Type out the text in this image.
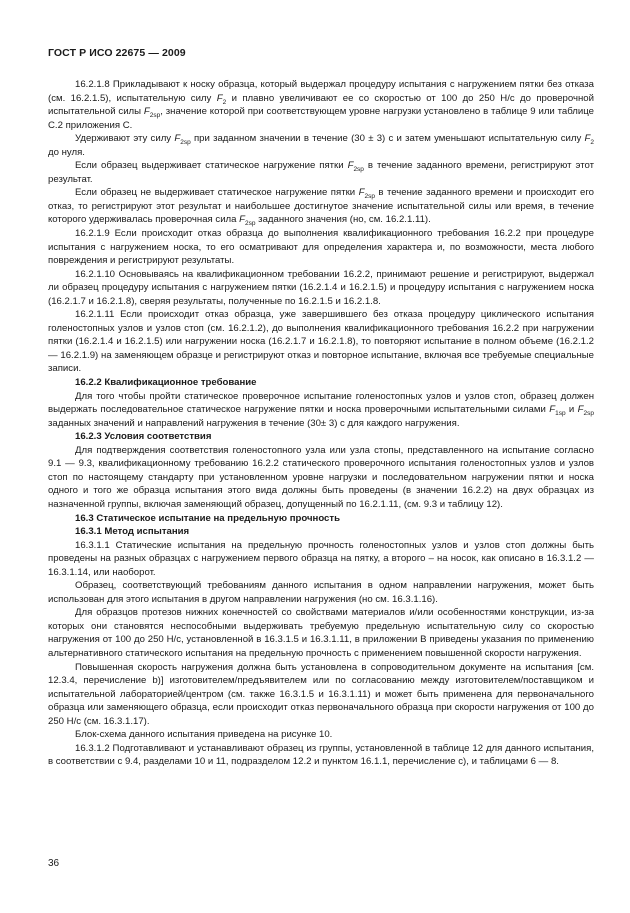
ГОСТ Р ИСО 22675 — 2009

16.2.1.8 Прикладывают к носку образца, который выдержал процедуру испытания с нагружением пятки без отказа (см. 16.2.1.5), испытательную силу $F_2$ и плавно увеличивают ее со скоростью от 100 до 250 Н/с до проверочной испытательной силы $F_{2sp}$, значение которой при соответствующем уровне нагрузки установлено в таблице 9 или таблице С.2 приложения С.

Удерживают эту силу $F_{2sp}$ при заданном значении в течение (30 ± 3) с и затем уменьшают испытательную силу $F_2$ до нуля.

Если образец выдерживает статическое нагружение пятки $F_{2sp}$ в течение заданного времени, регистрируют этот результат.

Если образец не выдерживает статическое нагружение пятки $F_{2sp}$ в течение заданного времени и происходит его отказ, то регистрируют этот результат и наибольшее достигнутое значение испытательной силы или время, в течение которого удерживалась проверочная сила $F_{2sp}$ заданного значения (но, см. 16.2.1.11).

16.2.1.9 Если происходит отказ образца до выполнения квалификационного требования 16.2.2 при процедуре испытания с нагружением носка, то его осматривают для определения характера и, по возможности, места любого повреждения и регистрируют результаты.

16.2.1.10 Основываясь на квалификационном требовании 16.2.2, принимают решение и регистрируют, выдержал ли образец процедуру испытания с нагружением пятки (16.2.1.4 и 16.2.1.5) и процедуру испытания с нагружением носка (16.2.1.7 и 16.2.1.8), сверяя результаты, полученные по 16.2.1.5 и 16.2.1.8.

16.2.1.11 Если происходит отказ образца, уже завершившего без отказа процедуру циклического испытания голеностопных узлов и узлов стоп (см. 16.2.1.2), до выполнения квалификационного требования 16.2.2 при нагружении пятки (16.2.1.4 и 16.2.1.5) или нагружении носка (16.2.1.7 и 16.2.1.8), то повторяют испытание в полном объеме (16.2.1.2 — 16.2.1.9) на заменяющем образце и регистрируют отказ и повторное испытание, включая все требуемые специальные записи.

16.2.2 Квалификационное требование

Для того чтобы пройти статическое проверочное испытание голеностопных узлов и узлов стоп, образец должен выдержать последовательное статическое нагружение пятки и носка проверочными испытательными силами $F_{1sp}$ и $F_{2sp}$ заданных значений и направлений нагружения в течение (30± 3) с для каждого нагружения.

16.2.3 Условия соответствия

Для подтверждения соответствия голеностопного узла или узла стопы, представленного на испытание согласно 9.1 — 9.3, квалификационному требованию 16.2.2 статического проверочного испытания голеностопных узлов и узлов стоп по настоящему стандарту при установленном уровне нагрузки и последовательном нагружении пятки и носка одного и того же образца испытания этого вида должны быть проведены (в значении 16.2.2) на двух образцах из назначенной группы, включая заменяющий образец, допущенный по 16.2.1.11, (см. 9.3 и таблицу 12).

16.3 Статическое испытание на предельную прочность

16.3.1 Метод испытания

16.3.1.1 Статические испытания на предельную прочность голеностопных узлов и узлов стоп должны быть проведены на разных образцах с нагружением первого образца на пятку, а второго – на носок, как описано в 16.3.1.2 — 16.3.1.14, или наоборот.

Образец, соответствующий требованиям данного испытания в одном направлении нагружения, может быть использован для этого испытания в другом направлении нагружения (но см. 16.3.1.16).

Для образцов протезов нижних конечностей со свойствами материалов и/или особенностями конструкции, из-за которых они становятся неспособными выдерживать требуемую предельную испытательную силу со скоростью нагружения от 100 до 250 Н/с, установленной в 16.3.1.5 и 16.3.1.11, в приложении В приведены указания по применению альтернативного статического испытания на предельную прочность с применением повышенной скорости нагружения.

Повышенная скорость нагружения должна быть установлена в сопроводительном документе на испытания [см. 12.3.4, перечисление b)] изготовителем/предъявителем или по согласованию между изготовителем/поставщиком и испытательной лабораторией/центром (см. также 16.3.1.5 и 16.3.1.11) и может быть применена для первоначального образца или заменяющего образца, если происходит отказ первоначального образца при скорости нагружения от 100 до 250 Н/с (см. 16.3.1.17).

Блок-схема данного испытания приведена на рисунке 10.

16.3.1.2 Подготавливают и устанавливают образец из группы, установленной в таблице 12 для данного испытания, в соответствии с 9.4, разделами 10 и 11, подразделом 12.2 и пунктом 16.1.1, перечисление с), и таблицами 6 — 8.

36
